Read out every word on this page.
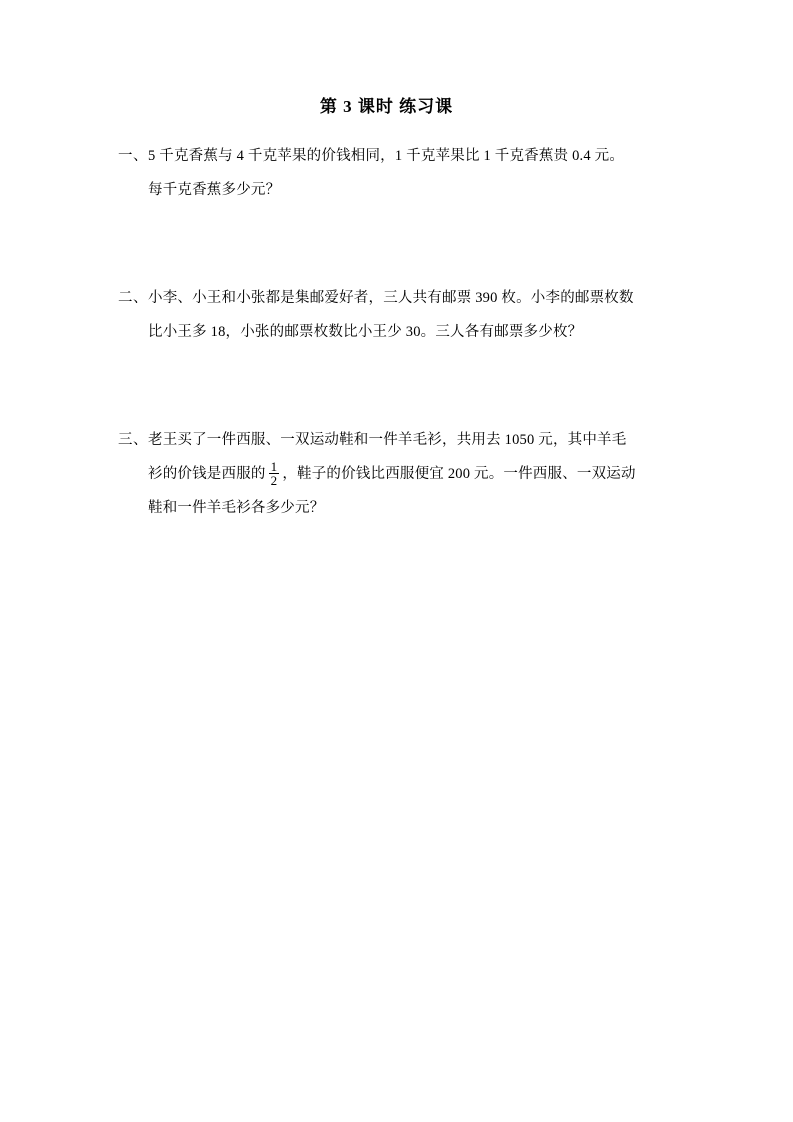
第 3 课时 练习课
一、 5 千克香蕉与 4 千克苹果的价钱相同，1 千克苹果比 1 千克香蕉贵 0.4 元。
每千克香蕉多少元？
二、 小李、小王和小张都是集邮爱好者，三人共有邮票 390 枚。小李的邮票枚数
比小王多 18，小张的邮票枚数比小王少 30。三人各有邮票多少枚？
三、 老王买了一件西服、一双运动鞋和一件羊毛衫，共用去 1050 元，其中羊毛
衫的价钱是西服的 $\frac{1}{2}$ ，鞋子的价钱比西服便宜 200 元。一件西服、一双运动
鞋和一件羊毛衫各多少元？
